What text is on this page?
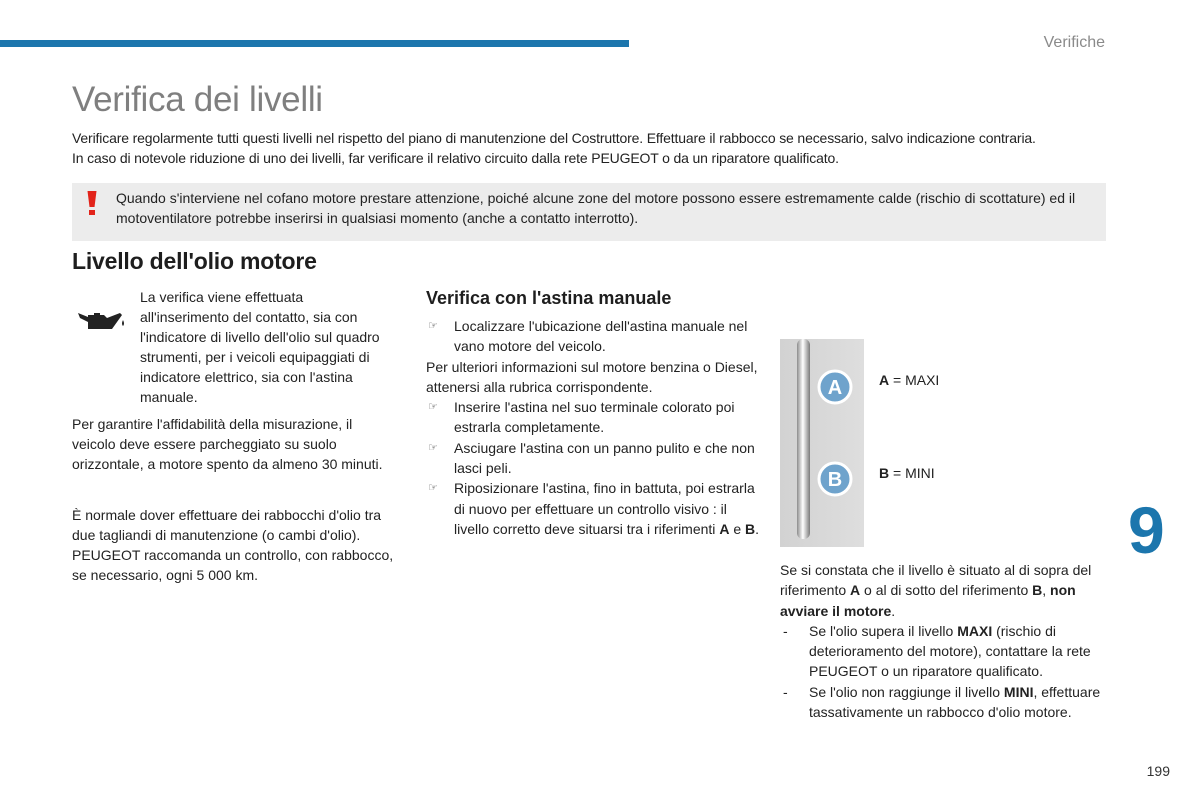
Verifiche
Verifica dei livelli

Verificare regolarmente tutti questi livelli nel rispetto del piano di manutenzione del Costruttore. Effettuare il rabbocco se necessario, salvo indicazione contraria.

In caso di notevole riduzione di uno dei livelli, far verificare il relativo circuito dalla rete PEUGEOT o da un riparatore qualificato.

Quando s'interviene nel cofano motore prestare attenzione, poiché alcune zone del motore possono essere estremamente calde (rischio di scottature) ed il motoventilatore potrebbe inserirsi in qualsiasi momento (anche a contatto interrotto).
Livello dell'olio motore
La verifica viene effettuata all'inserimento del contatto, sia con l'indicatore di livello dell'olio sul quadro strumenti, per i veicoli equipaggiati di indicatore elettrico, sia con l'astina manuale.
Per garantire l'affidabilità della misurazione, il veicolo deve essere parcheggiato su suolo orizzontale, a motore spento da almeno 30 minuti.
È normale dover effettuare dei rabbocchi d'olio tra due tagliandi di manutenzione (o cambi d'olio). PEUGEOT raccomanda un controllo, con rabbocco, se necessario, ogni 5 000 km.
Verifica con l'astina manuale
☞ Localizzare l'ubicazione dell'astina manuale nel vano motore del veicolo.
Per ulteriori informazioni sul motore benzina o Diesel, attenersi alla rubrica corrispondente.
☞ Inserire l'astina nel suo terminale colorato poi estrarla completamente.
☞ Asciugare l'astina con un panno pulito e che non lasci peli.
☞ Riposizionare l'astina, fino in battuta, poi estrarla di nuovo per effettuare un controllo visivo : il livello corretto deve situarsi tra i riferimenti A e B.
A
B
A = MAXI
B = MINI
9
Se si constata che il livello è situato al di sopra del riferimento A o al di sotto del riferimento B, non avviare il motore.
- Se l'olio supera il livello MAXI (rischio di deterioramento del motore), contattare la rete PEUGEOT o un riparatore qualificato.
- Se l'olio non raggiunge il livello MINI, effettuare tassativamente un rabbocco d'olio motore.
199
